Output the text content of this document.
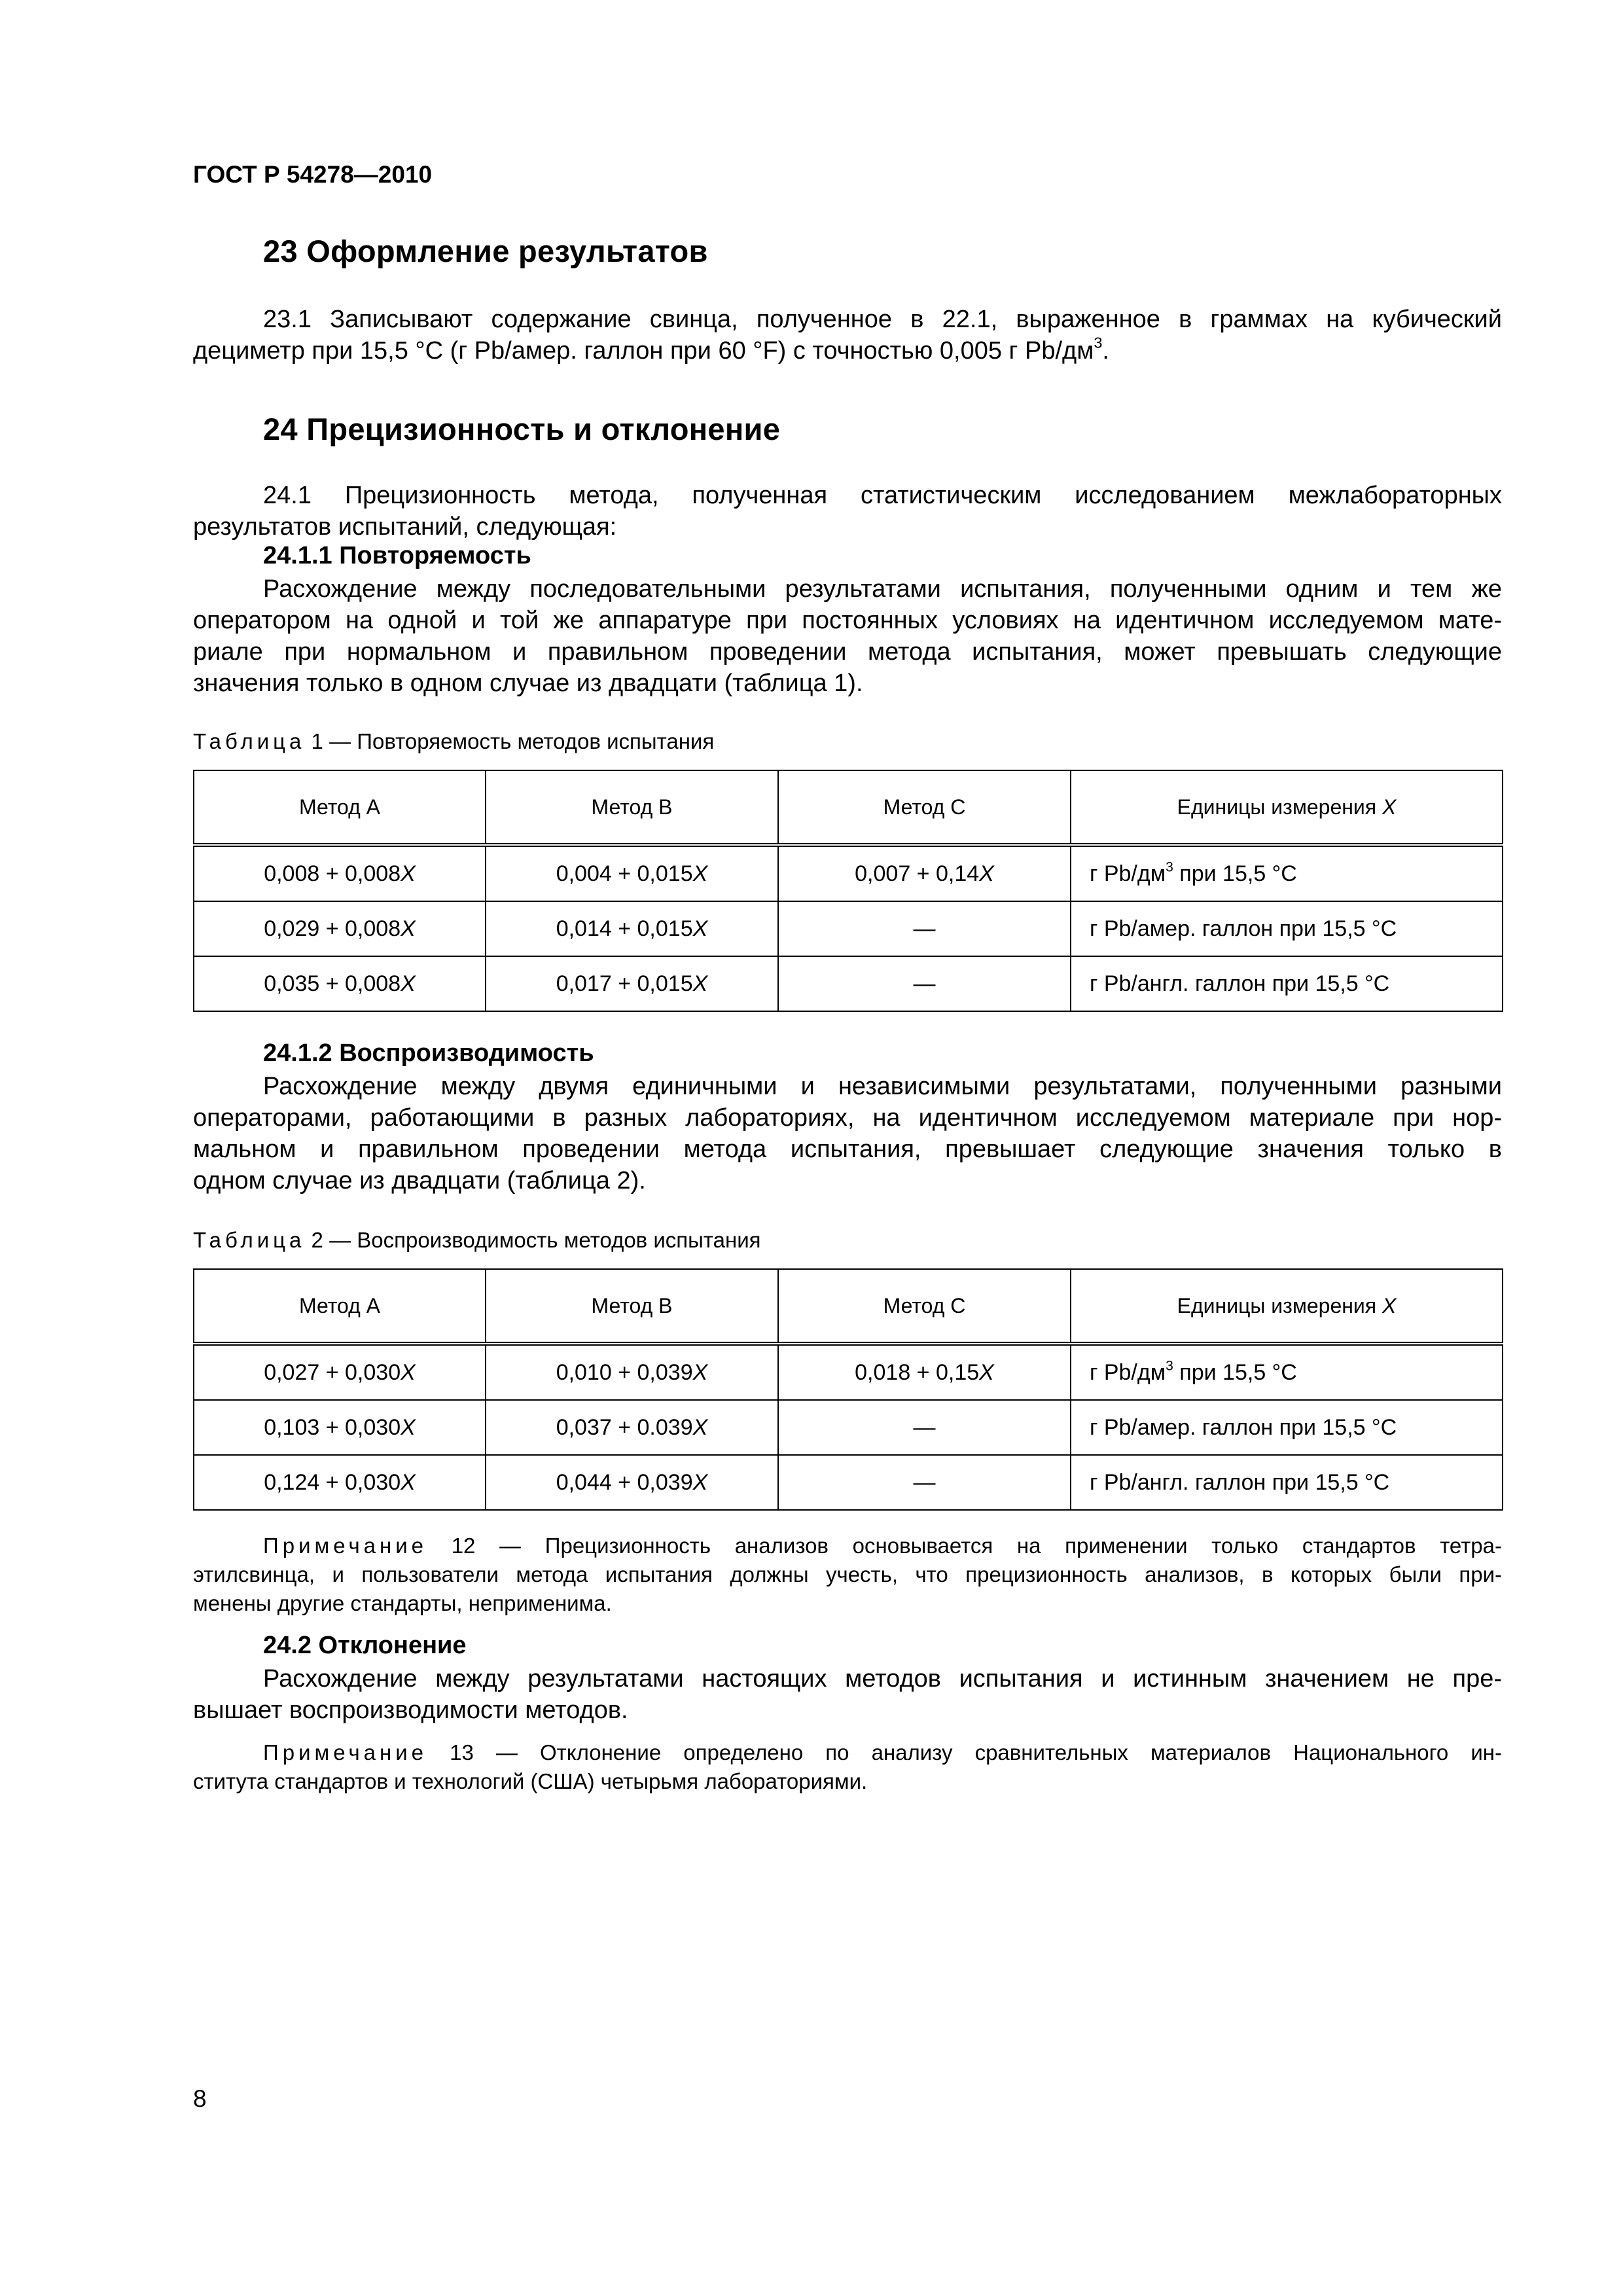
ГОСТ Р 54278—2010
23 Оформление результатов
23.1 Записывают содержание свинца, полученное в 22.1, выраженное в граммах на кубический
дециметр при 15,5 °С (г Pb/амер. галлон при 60 °F) с точностью 0,005 г $Pb/дм^3$.
24 Прецизионность и отклонение
24.1 Прецизионность метода, полученная статистическим исследованием межлабораторных
результатов испытаний, следующая:
24.1.1 Повторяемость
Расхождение между последовательными результатами испытания, полученными одним и тем же
оператором на одной и той же аппаратуре при постоянных условиях на идентичном исследуемом мате-
риале при нормальном и правильном проведении метода испытания, может превышать следующие
значения только в одном случае из двадцати (таблица 1).
Таблица 1 — Повторяемость методов испытания
Метод А	Метод В	Метод С	Единицы измерения X
0,008 + 0,008X	0,004 + 0,015X	0,007 + 0,14X	г $Pb/дм^3$ при 15,5 °С
0,029 + 0,008X	0,014 + 0,015X	—	г Pb/амер. галлон при 15,5 °С
0,035 + 0,008X	0,017 + 0,015X	—	г Pb/англ. галлон при 15,5 °С
24.1.2 Воспроизводимость
Расхождение между двумя единичными и независимыми результатами, полученными разными
операторами, работающими в разных лабораториях, на идентичном исследуемом материале при нор-
мальном и правильном проведении метода испытания, превышает следующие значения только в
одном случае из двадцати (таблица 2).
Таблица 2 — Воспроизводимость методов испытания
Метод А	Метод В	Метод С	Единицы измерения X
0,027 + 0,030X	0,010 + 0,039X	0,018 + 0,15X	г $Pb/дм^3$ при 15,5 °С
0,103 + 0,030X	0,037 + 0.039X	—	г Pb/амер. галлон при 15,5 °С
0,124 + 0,030X	0,044 + 0,039X	—	г Pb/англ. галлон при 15,5 °С
Примечание 12 — Прецизионность анализов основывается на применении только стандартов тетра-
этилсвинца, и пользователи метода испытания должны учесть, что прецизионность анализов, в которых были при-
менены другие стандарты, неприменима.
24.2 Отклонение
Расхождение между результатами настоящих методов испытания и истинным значением не пре-
вышает воспроизводимости методов.
Примечание 13 — Отклонение определено по анализу сравнительных материалов Национального ин-
ститута стандартов и технологий (США) четырьмя лабораториями.
8
